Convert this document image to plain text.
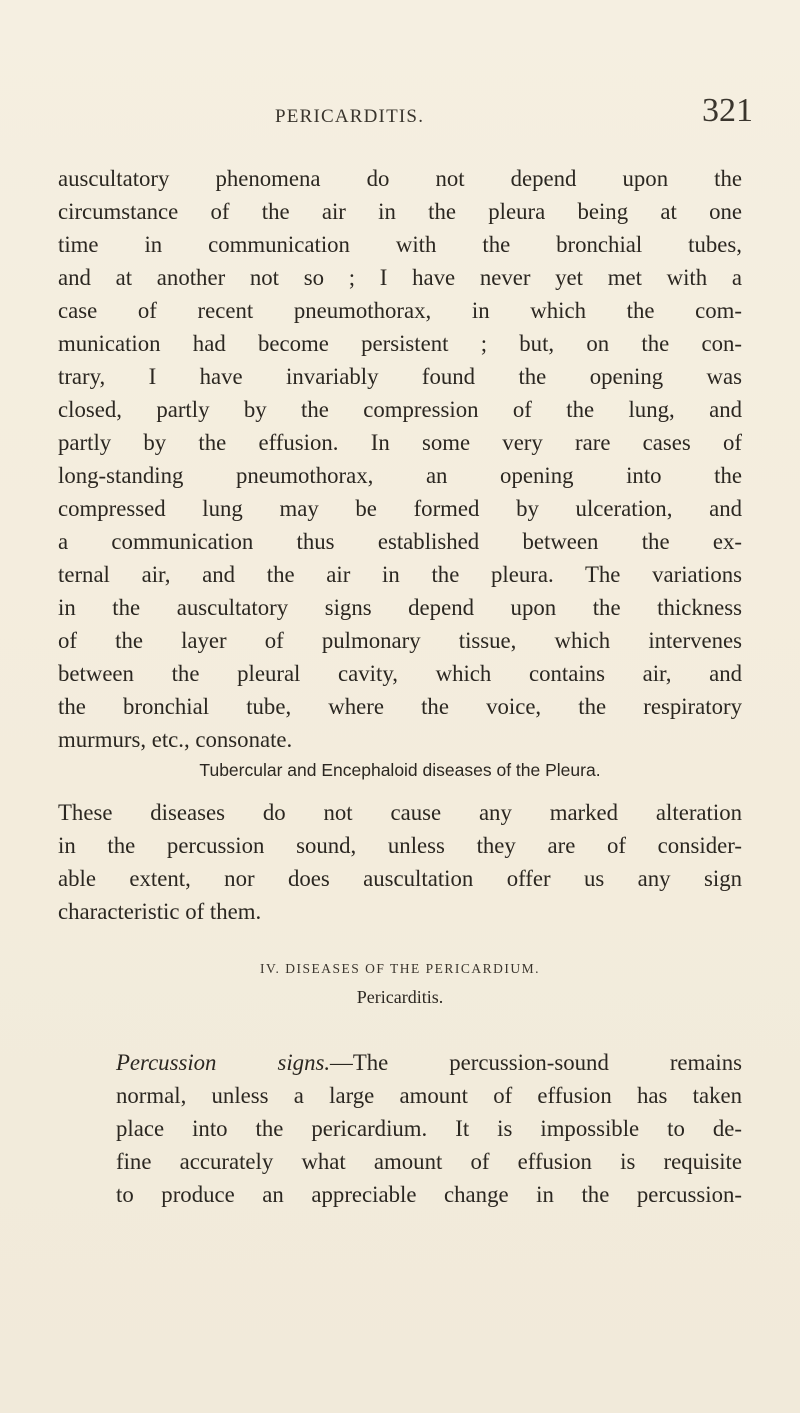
PERICARDITIS.	321
auscultatory phenomena do not depend upon the
circumstance of the air in the pleura being at one
time in communication with the bronchial tubes,
and at another not so ; I have never yet met with a
case of recent pneumothorax, in which the com-
munication had become persistent ; but, on the con-
trary, I have invariably found the opening was
closed, partly by the compression of the lung, and
partly by the effusion. In some very rare cases of
long-standing pneumothorax, an opening into the
compressed lung may be formed by ulceration, and
a communication thus established between the ex-
ternal air, and the air in the pleura. The variations
in the auscultatory signs depend upon the thickness
of the layer of pulmonary tissue, which intervenes
between the pleural cavity, which contains air, and
the bronchial tube, where the voice, the respiratory
murmurs, etc., consonate.
Tubercular and Encephaloid diseases of the Pleura.
These diseases do not cause any marked alteration
in the percussion sound, unless they are of consider-
able extent, nor does auscultation offer us any sign
characteristic of them.
IV. DISEASES OF THE PERICARDIUM.
Pericarditis.
Percussion signs.—The percussion-sound remains
normal, unless a large amount of effusion has taken
place into the pericardium. It is impossible to de-
fine accurately what amount of effusion is requisite
to produce an appreciable change in the percussion-
